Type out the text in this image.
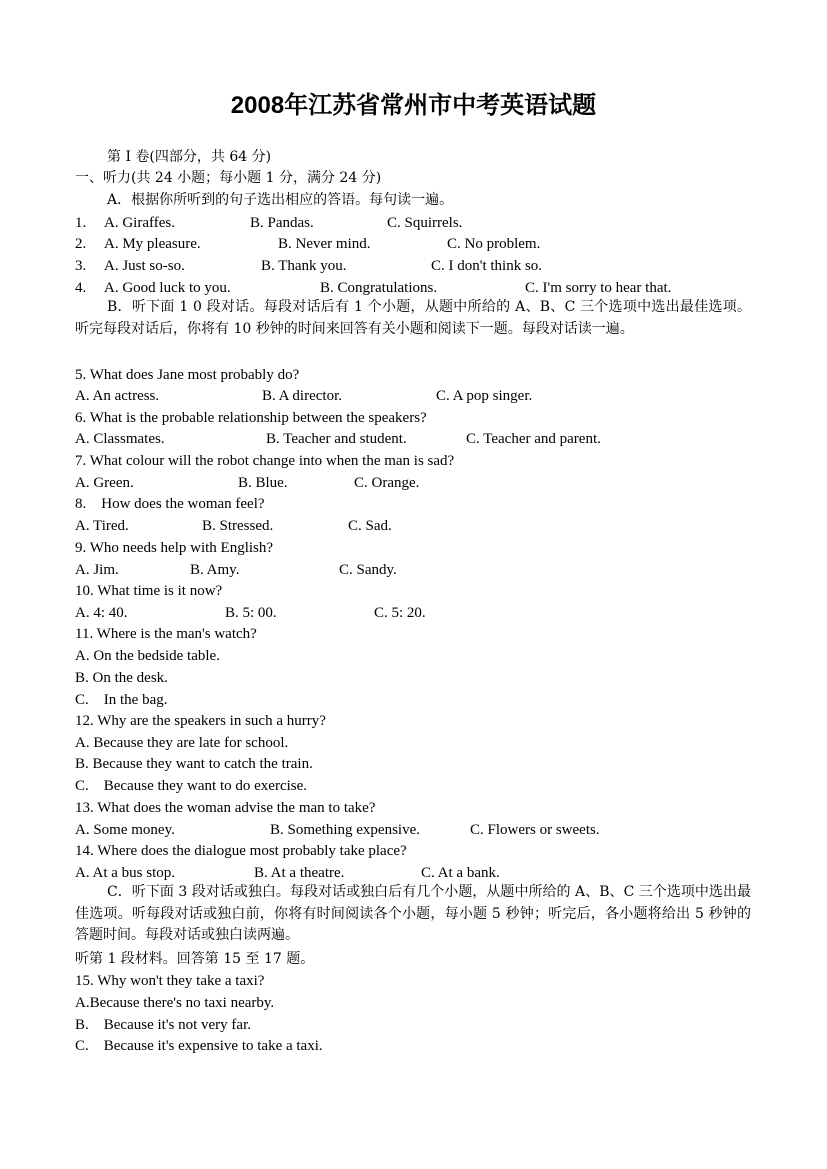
2008年江苏省常州市中考英语试题
第 I 卷(四部分，共 64 分)
一、听力(共 24 小题；每小题 1 分，满分 24 分)
A．根据你所听到的句子选出相应的答语。每句读一遍。
1. A. Giraffes.	B. Pandas.	C. Squirrels.
2. A. My pleasure.	B. Never mind.	C. No problem.
3. A. Just so-so.	B. Thank you.	C. I don't think so.
4. A. Good luck to you.	B. Congratulations.	C. I'm sorry to hear that.
B．听下面 1 0 段对话。每段对话后有 1 个小题，从题中所给的 A、B、C 三个选项中选出最佳选项。听完每段对话后，你将有 10 秒钟的时间来回答有关小题和阅读下一题。每段对话读一遍。
5. What does Jane most probably do?
A. An actress.	B. A director.	C. A pop singer.
6. What is the probable relationship between the speakers?
A. Classmates.	B. Teacher and student.	C. Teacher and parent.
7. What colour will the robot change into when the man is sad?
A. Green.	B. Blue.	C. Orange.
8.    How does the woman feel?
A. Tired.	B. Stressed.	C. Sad.
9. Who needs help with English?
A. Jim.	B. Amy.	C. Sandy.
10. What time is it now?
A. 4: 40.	B. 5: 00.	C. 5: 20.
11. Where is the man's watch?
A. On the bedside table.
B. On the desk.
C.    In the bag.
12. Why are the speakers in such a hurry?
A. Because they are late for school.
B. Because they want to catch the train.
C.    Because they want to do exercise.
13. What does the woman advise the man to take?
A. Some money.	B. Something expensive.	C. Flowers or sweets.
14. Where does the dialogue most probably take place?
A. At a bus stop.	B. At a theatre.	C. At a bank.
C．听下面 3 段对话或独白。每段对话或独白后有几个小题，从题中所给的 A、B、C 三个选项中选出最佳选项。听每段对话或独白前，你将有时间阅读各个小题，每小题 5 秒钟；听完后，各小题将给出 5 秒钟的答题时间。每段对话或独白读两遍。
听第 1 段材料。回答第 15 至 17 题。
15. Why won't they take a taxi?
A.Because there's no taxi nearby.
B.    Because it's not very far.
C.    Because it's expensive to take a taxi.
